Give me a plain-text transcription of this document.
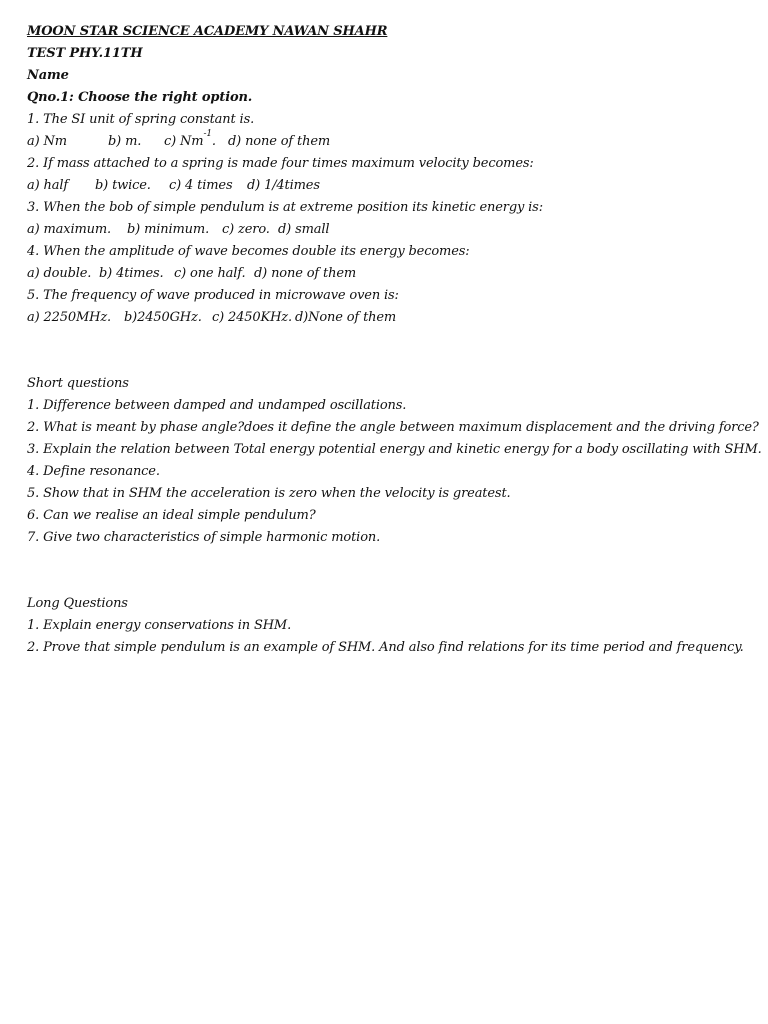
MOON STAR SCIENCE ACADEMY NAWAN SHAHR
TEST PHY.11TH
Name
Qno.1: Choose the right option.
1. The SI unit of spring constant is.
a) Nm	b) m. c) $Nm^{-1}$. d) none of them
2. If mass attached to a spring is made four times maximum velocity becomes:
a) half b) twice. c) 4 times d) 1/4times
3. When the bob of simple pendulum is at extreme position its kinetic energy is:
a) maximum. b) minimum. c) zero. d) small
4. When the amplitude of wave becomes double its energy becomes:
a) double. b) 4times. c) one half. d) none of them
5. The frequency of wave produced in microwave oven is:
a) 2250MHz. b)2450GHz. c) 2450KHz. d)None of them
Short questions
1. Difference between damped and undamped oscillations.
2. What is meant by phase angle?does it define the angle between maximum displacement and the driving force?
3. Explain the relation between Total energy potential energy and kinetic energy for a body oscillating with SHM.
4. Define resonance.
5. Show that in SHM the acceleration is zero when the velocity is greatest.
6. Can we realise an ideal simple pendulum?
7. Give two characteristics of simple harmonic motion.
Long Questions
1. Explain energy conservations in SHM.
2. Prove that simple pendulum is an example of SHM. And also find relations for its time period and frequency.
